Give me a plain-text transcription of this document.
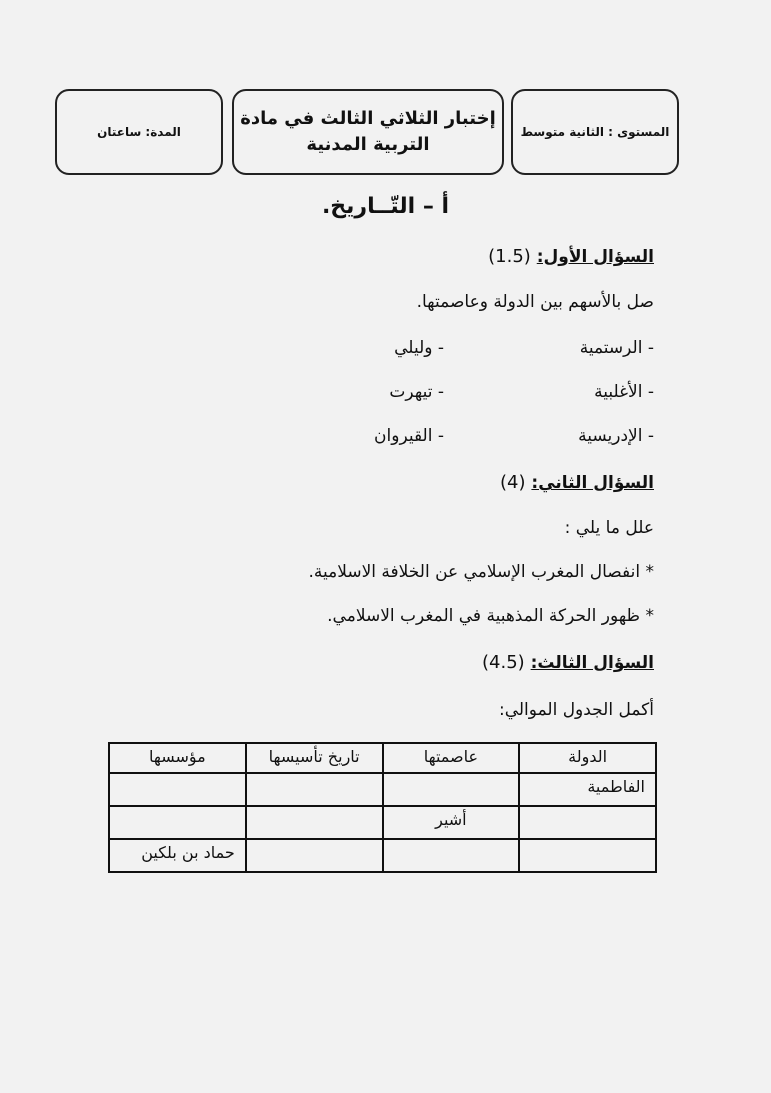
المستوى : الثانية متوسط
إختبار الثلاثي الثالث في مادة
التربية المدنية
المدة: ساعتان
أ – التّــاريخ.
السؤال الأول: (1.5)
صل بالأسهم بين الدولة وعاصمتها.
- الرستمية
- وليلي
- الأغلبية
- تيهرت
- الإدريسية
- القيروان
السؤال الثاني: (4)
علل ما يلي :
* انفصال المغرب الإسلامي عن الخلافة الاسلامية.
* ظهور الحركة المذهبية في المغرب الاسلامي.
السؤال الثالث: (4.5)
أكمل الجدول الموالي:
الدولة	عاصمتها	تاريخ تأسيسها	مؤسسها
الفاطمية			
	أشير		
			حماد بن بلكين
